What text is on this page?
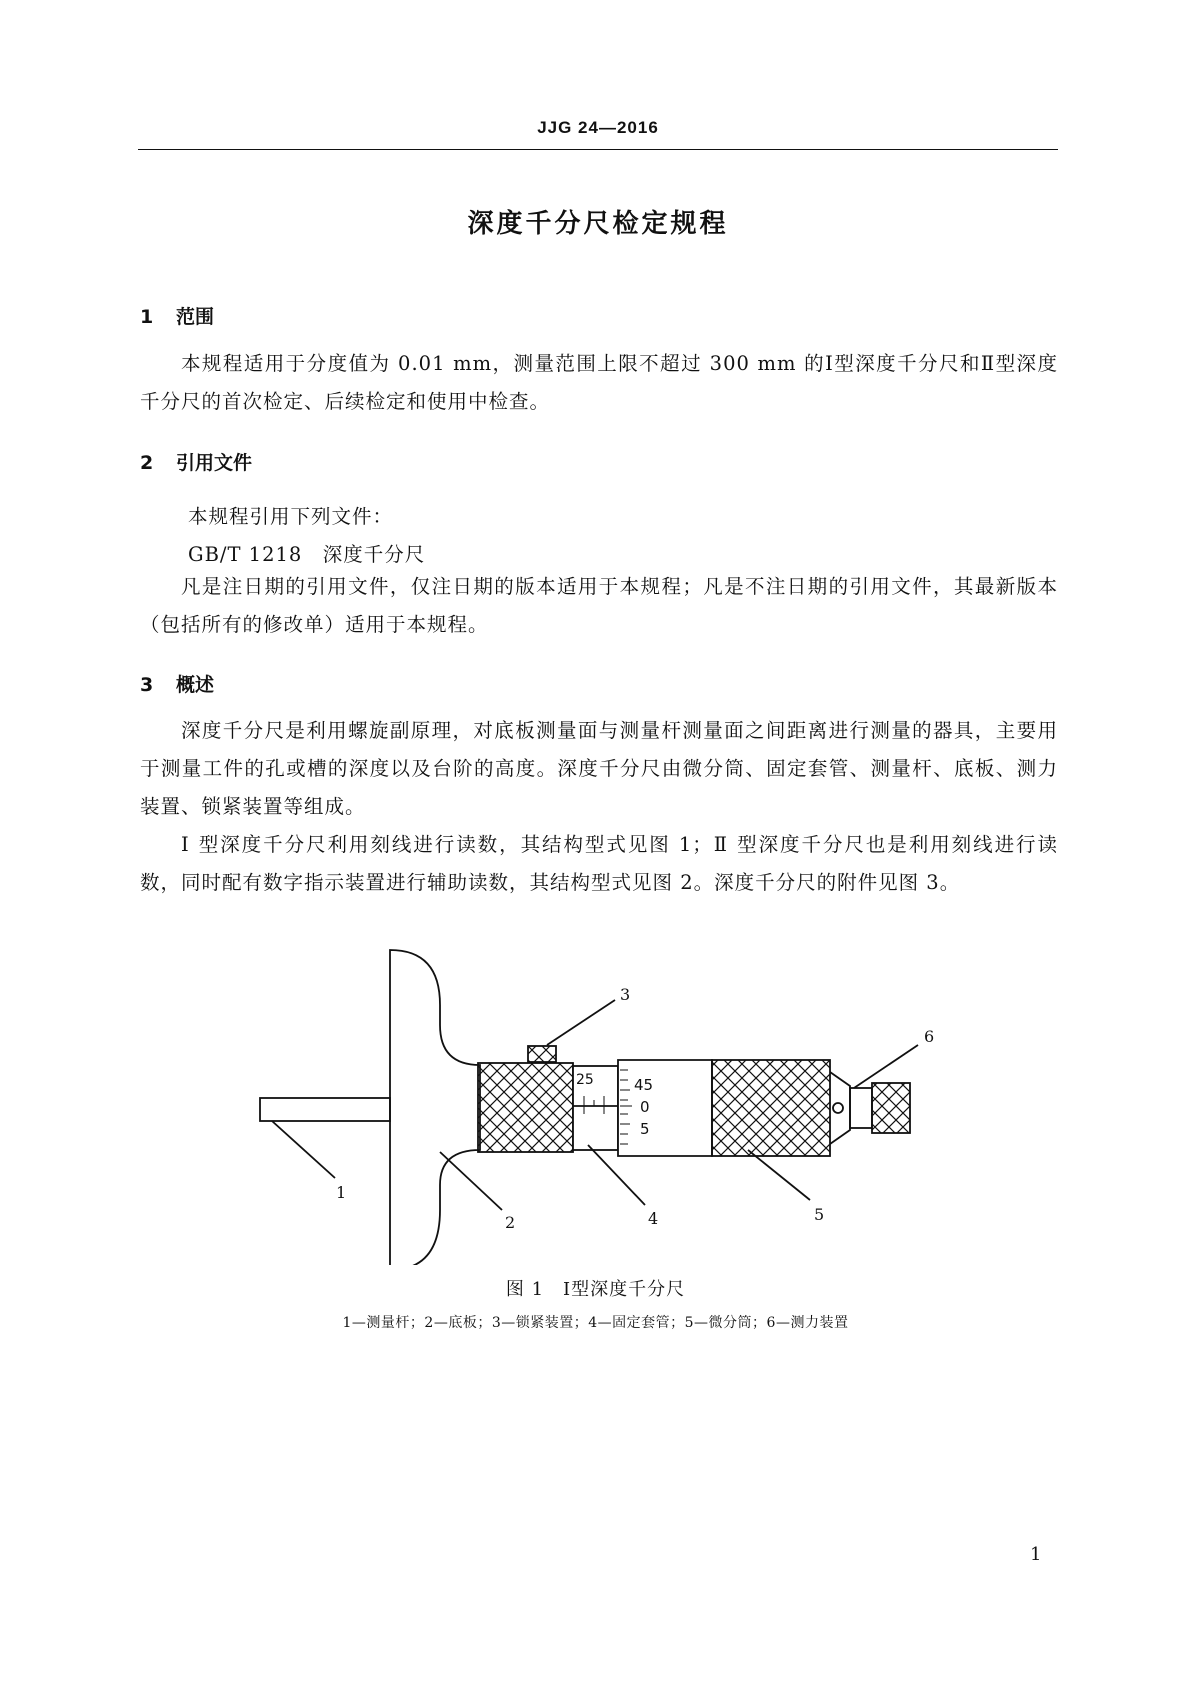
JJG 24—2016
深度千分尺检定规程
1 范围

本规程适用于分度值为 0.01 mm，测量范围上限不超过 300 mm 的Ⅰ型深度千分尺和Ⅱ型深度千分尺的首次检定、后续检定和使用中检查。

2 引用文件
本规程引用下列文件：
GB/T 1218　深度千分尺

凡是注日期的引用文件，仅注日期的版本适用于本规程；凡是不注日期的引用文件，其最新版本（包括所有的修改单）适用于本规程。

3 概述

深度千分尺是利用螺旋副原理，对底板测量面与测量杆测量面之间距离进行测量的器具，主要用于测量工件的孔或槽的深度以及台阶的高度。深度千分尺由微分筒、固定套管、测量杆、底板、测力装置、锁紧装置等组成。

Ⅰ 型深度千分尺利用刻线进行读数，其结构型式见图 1；Ⅱ 型深度千分尺也是利用刻线进行读数，同时配有数字指示装置进行辅助读数，其结构型式见图 2。深度千分尺的附件见图 3。

25	45
0
5
1
2
3
4	5
6
图 1　Ⅰ型深度千分尺
1—测量杆；2—底板；3—锁紧装置；4—固定套管；5—微分筒；6—测力装置
1
